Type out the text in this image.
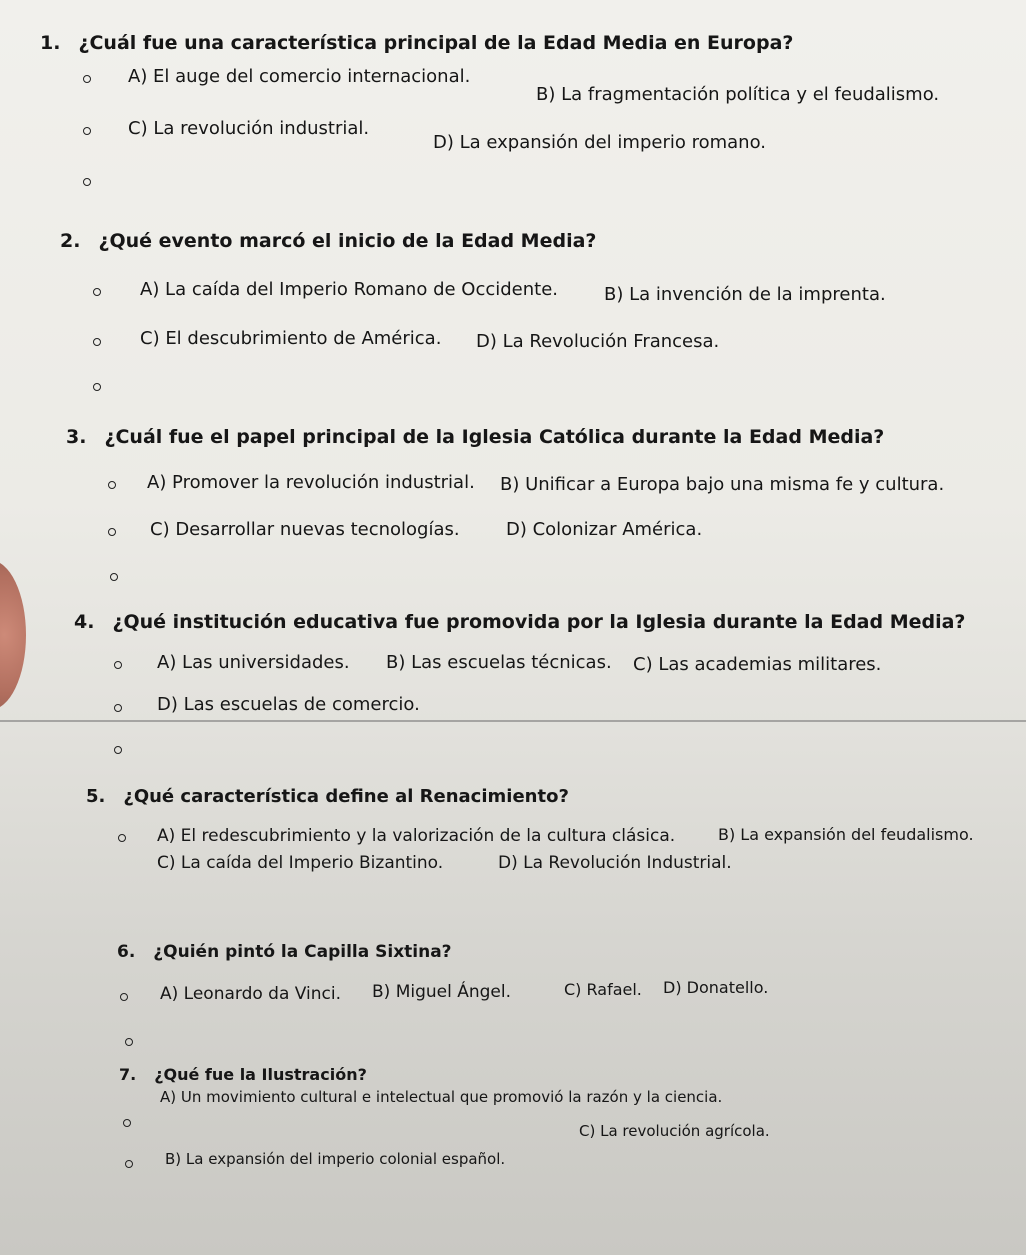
1. ¿Cuál fue una característica principal de la Edad Media en Europa?
A) El auge del comercio internacional.
B) La fragmentación política y el feudalismo.
C) La revolución industrial.
D) La expansión del imperio romano.
2. ¿Qué evento marcó el inicio de la Edad Media?
A) La caída del Imperio Romano de Occidente.	B) La invención de la imprenta.
C) El descubrimiento de América. D) La Revolución Francesa.
3. ¿Cuál fue el papel principal de la Iglesia Católica durante la Edad Media?
A) Promover la revolución industrial. B) Unificar a Europa bajo una misma fe y cultura.
C) Desarrollar nuevas tecnologías.	D) Colonizar América.
4. ¿Qué institución educativa fue promovida por la Iglesia durante la Edad Media?
A) Las universidades. B) Las escuelas técnicas. C) Las academias militares.
D) Las escuelas de comercio.
5. ¿Qué característica define al Renacimiento?
A) El redescubrimiento y la valorización de la cultura clásica.	B) La expansión del feudalismo.
C) La caída del Imperio Bizantino.	D) La Revolución Industrial.
6. ¿Quién pintó la Capilla Sixtina?
A) Leonardo da Vinci. B) Miguel Ángel.	C) Rafael. D) Donatello.
7. ¿Qué fue la Ilustración?
A) Un movimiento cultural e intelectual que promovió la razón y la ciencia.
B) La expansión del imperio colonial español.
C) La revolución agrícola.
